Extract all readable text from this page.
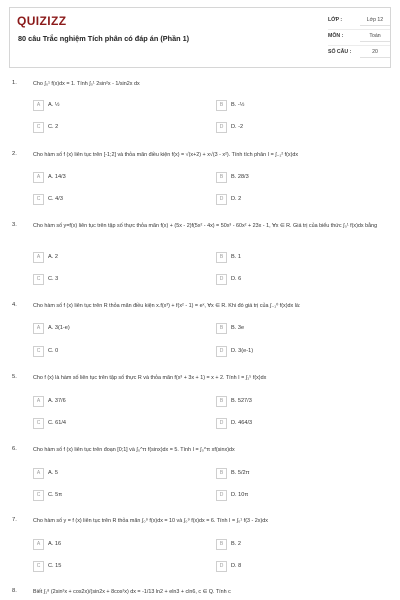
QUIZIZZ
80 câu Trắc nghiệm Tích phân có đáp án (Phần 1)
LỚP :	Lớp 12
MÔN :	Toán
SỐ CÂU :	20
1.	Cho ∫₀¹ f(x)dx = 1. Tính ∫₀¹ 2sin²x - 1/sin2x dx
A	A. ½	B	B. -½
C	C. 2	D	D. -2
2.	Cho hàm số f (x) liên tục trên [-1;2] và thỏa mãn điều kiện f(x) = √(x+2) + x√(3 - x²). Tính tích phân I = ∫₋₁² f(x)dx
A	A. 14/3	B	B. 28/3
C	C. 4/3	D	D. 2
3.	Cho hàm số y=f(x) liên tục trên tập số thực thỏa mãn f(x) + (5x - 2)f(5x² - 4x) = 50x³ - 60x² + 23x - 1, ∀x ∈ R. Giá trị của biểu thức ∫₀¹ f(x)dx bằng
A	A. 2	B	B. 1
C	C. 3	D	D. 6
4.	Cho hàm số f (x) liên tục trên R thỏa mãn điều kiện x.f(x³) + f(x² - 1) = eˣ, ∀x ∈ R. Khi đó giá trị của ∫₋₁⁰ f(x)dx là:
A	A. 3(1-e)	B	B. 3e
C	C. 0	D	D. 3(e-1)
5.	Cho f (x) là hàm số liên tục trên tập số thực R và thỏa mãn f(x³ + 3x + 1) = x + 2. Tính I = ∫₁⁵ f(x)dx
A	A. 37/6	B	B. 527/3
C	C. 61/4	D	D. 464/3
6.	Cho hàm số f (x) liên tục trên đoạn [0;1] và ∫₀^π f(sinx)dx = 5. Tính I = ∫₀^π xf(sinx)dx
A	A. 5	B	B. 5/2π
C	C. 5π	D	D. 10π
7.	Cho hàm số y = f (x) liên tục trên R thỏa mãn ∫₀⁹ f(x)dx = 10 và ∫₀⁹ f(x)dx = 6. Tính I = ∫₀¹ f(3 - 2x)dx
A	A. 16	B	B. 2
C	C. 15	D	D. 8
8.	Biết ∫₁⁸ (2sin²x + cos2x)/(sin2x + 8cos²x) dx = -1/13 ln2 + eln3 + cln6, c ∈ Q. Tính c
